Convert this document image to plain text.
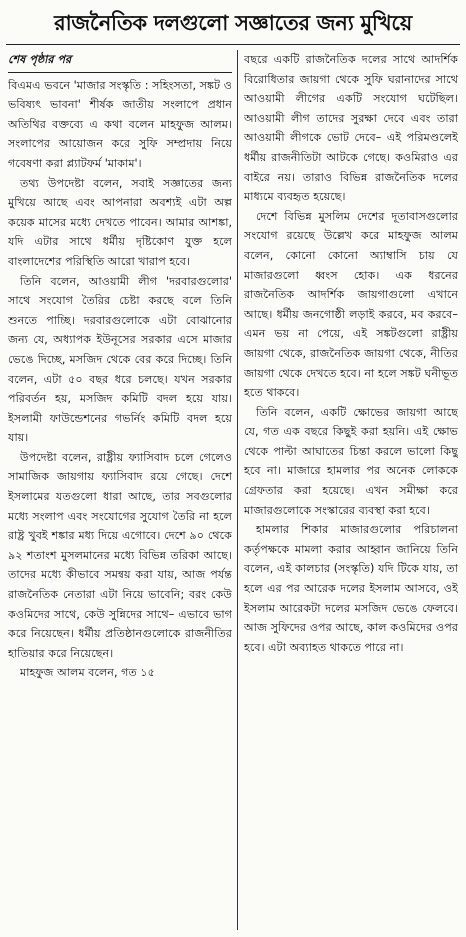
রাজনৈতিক দলগুলো সজ্ঞাতের জন্য মুখিয়ে
শেষ পৃষ্ঠার পর

বিএমএ ভবনে 'মাজার সংস্কৃতি : সহিংসতা, সঙ্কট ও ভবিষ্যৎ ভাবনা' শীর্ষক জাতীয় সংলাপে প্রধান অতিথির বক্তব্যে এ কথা বলেন মাহফুজ আলম। সংলাপের আয়োজন করে সুফি সম্প্রদায় নিয়ে গবেষণা করা প্ল্যাটফর্ম 'মাকাম'।

তথ্য উপদেষ্টা বলেন, সবাই সজ্ঞাতের জন্য মুখিয়ে আছে এবং আপনারা অবশ্যই এটা অল্প কয়েক মাসের মধ্যে দেখতে পাবেন। আমার আশঙ্কা, যদি এটার সাথে ধর্মীয় দৃষ্টিকোণ যুক্ত হলে বাংলাদেশের পরিস্থিতি আরো খারাপ হবে।

তিনি বলেন, আওয়ামী লীগ 'দরবারগুলোর' সাথে সংযোগ তৈরির চেষ্টা করছে বলে তিনি শুনতে পাচ্ছি। দরবারগুলোকে এটা বোঝানোর জন্য যে, অধ্যাপক ইউনূসের সরকার এসে মাজার ভেঙে দিচ্ছে, মসজিদ থেকে বের করে দিচ্ছে। তিনি বলেন, এটা ৫০ বছর ধরে চলছে। যখন সরকার পরিবর্তন হয়, মসজিদ কমিটি বদল হয়ে যায়। ইসলামী ফাউন্ডেশনের গভর্নিং কমিটি বদল হয়ে যায়।

উপদেষ্টা বলেন, রাষ্ট্রীয় ফ্যাসিবাদ চলে গেলেও সামাজিক জায়গায় ফ্যাসিবাদ রয়ে গেছে। দেশে ইসলামের যতগুলো ধারা আছে, তার সবগুলোর মধ্যে সংলাপ এবং সংযোগের সুযোগ তৈরি না হলে রাষ্ট্র খুবই শঙ্কার মধ্য দিয়ে এগোবে। দেশে ৯০ থেকে ৯২ শতাংশ মুসলমানের মধ্যে বিভিন্ন তরিকা আছে। তাদের মধ্যে কীভাবে সমন্বয় করা যায়, আজ পর্যন্ত রাজনৈতিক নেতারা এটা নিয়ে ভাবেনি; বরং কেউ কওমিদের সাথে, কেউ সুন্নিদের সাথে– এভাবে ভাগ করে নিয়েছেন। ধর্মীয় প্রতিষ্ঠানগুলোকে রাজনীতির হাতিয়ার করে নিয়েছেন।

মাহফুজ আলম বলেন, গত ১৫

বছরে একটি রাজনৈতিক দলের সাথে আদর্শিক বিরোধিতার জায়গা থেকে সুফি ঘরানাদের সাথে আওয়ামী লীগের একটি সংযোগ ঘটেছিল। আওয়ামী লীগ তাদের সুরক্ষা দেবে এবং তারা আওয়ামী লীগকে ভোট দেবে– এই পরিমণ্ডলেই ধর্মীয় রাজনীতিটা আটকে গেছে। কওমিরাও এর বাইরে নয়। তারাও বিভিন্ন রাজনৈতিক দলের মাধ্যমে ব্যবহৃত হয়েছে।

দেশে বিভিন্ন মুসলিম দেশের দূতাবাসগুলোর সংযোগ রয়েছে উল্লেখ করে মাহফুজ আলম বলেন, কোনো কোনো অ্যাম্বাসি চায় যে মাজারগুলো ধ্বংস হোক। এক ধরনের রাজনৈতিক আদর্শিক জায়গাগুলো এখানে আছে। ধর্মীয় জনগোষ্ঠী লড়াই করবে, মব করবে– এমন ভয় না পেয়ে, এই সঙ্কটগুলো রাষ্ট্রীয় জায়গা থেকে, রাজনৈতিক জায়গা থেকে, নীতির জায়গা থেকে দেখতে হবে। না হলে সঙ্কট ঘনীভূত হতে থাকবে।

তিনি বলেন, একটি ক্ষোভের জায়গা আছে যে, গত এক বছরে কিছুই করা হয়নি। এই ক্ষোভ থেকে পাল্টা আঘাতের চিন্তা করলে ভালো কিছু হবে না। মাজারে হামলার পর অনেক লোককে গ্রেফতার করা হয়েছে। এখন সমীক্ষা করে মাজারগুলোকে সংস্কারের ব্যবস্থা করা হবে।

হামলার শিকার মাজারগুলোর পরিচালনা কর্তৃপক্ষকে মামলা করার আহ্বান জানিয়ে তিনি বলেন, এই কালচার (সংস্কৃতি) যদি টিকে যায়, তা হলে এর পর আরেক দলের ইসলাম আসবে, ওই ইসলাম আরেকটা দলের মসজিদ ভেঙে ফেলবে। আজ সুফিদের ওপর আছে, কাল কওমিদের ওপর হবে। এটা অব্যাহত থাকতে পারে না।
